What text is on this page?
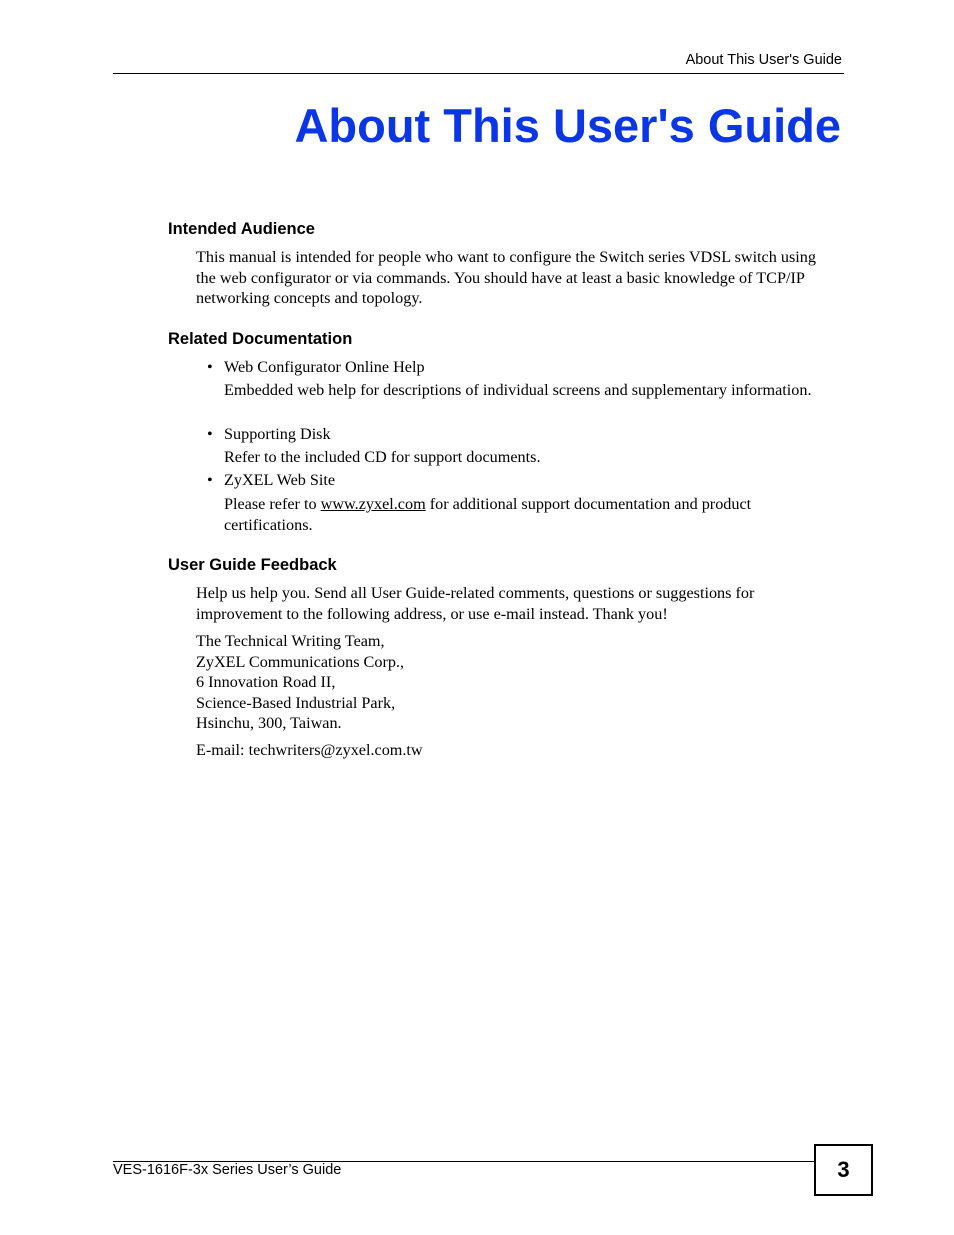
About This User's Guide
About This User's Guide
Intended Audience

This manual is intended for people who want to configure the Switch series VDSL switch using the web configurator or via commands. You should have at least a basic knowledge of TCP/IP networking concepts and topology.

Related Documentation
• Web Configurator Online Help
Embedded web help for descriptions of individual screens and supplementary information.
• Supporting Disk
Refer to the included CD for support documents.
• ZyXEL Web Site
Please refer to www.zyxel.com for additional support documentation and product certifications.
User Guide Feedback

Help us help you. Send all User Guide-related comments, questions or suggestions for improvement to the following address, or use e-mail instead. Thank you!

The Technical Writing Team,
ZyXEL Communications Corp.,
6 Innovation Road II,
Science-Based Industrial Park,
Hsinchu, 300, Taiwan.
E-mail: techwriters@zyxel.com.tw
VES-1616F-3x Series User’s Guide	3
